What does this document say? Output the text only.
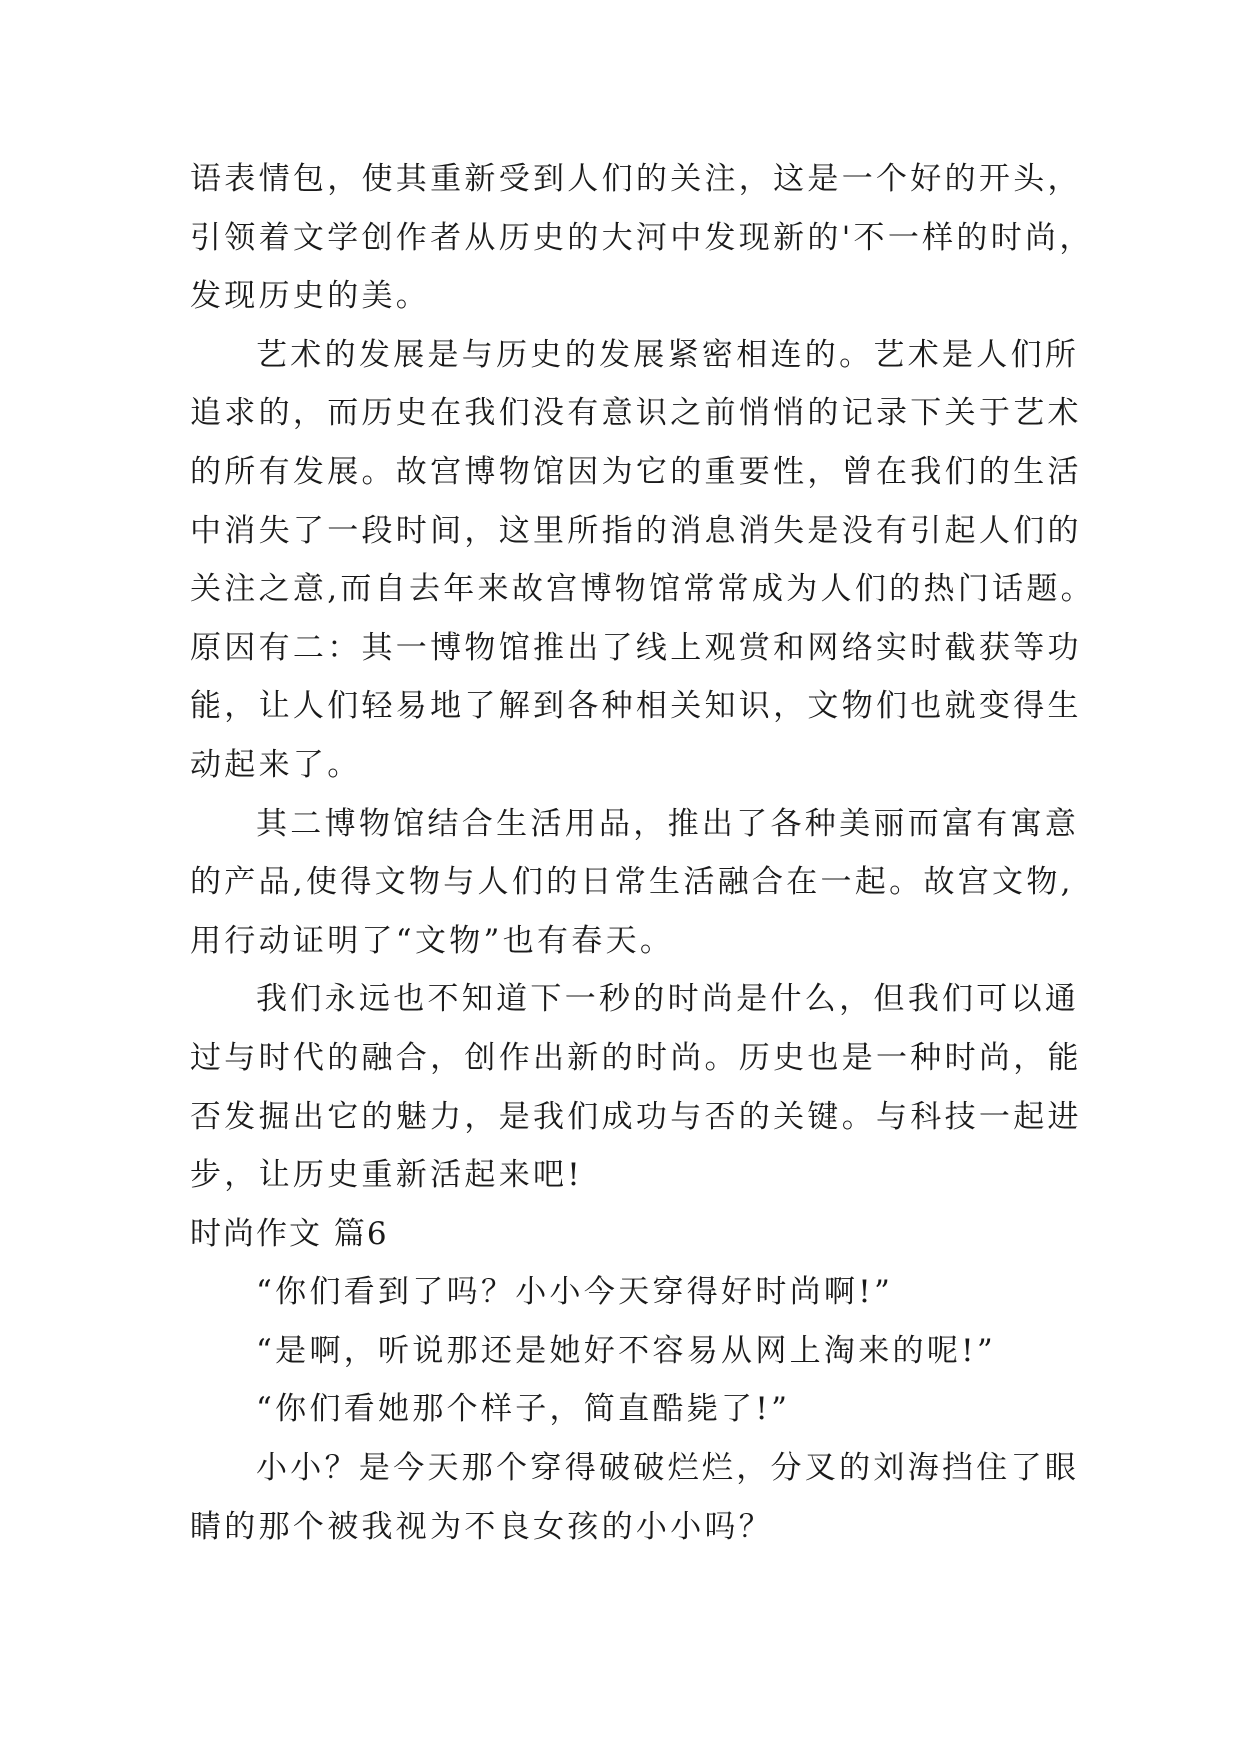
语表情包，使其重新受到人们的关注，这是一个好的开头，
引领着文学创作者从历史的大河中发现新的'不一样的时尚，
发现历史的美。
艺术的发展是与历史的发展紧密相连的。艺术是人们所
追求的，而历史在我们没有意识之前悄悄的记录下关于艺术
的所有发展。故宫博物馆因为它的重要性，曾在我们的生活
中消失了一段时间，这里所指的消息消失是没有引起人们的
关注之意,而自去年来故宫博物馆常常成为人们的热门话题。
原因有二：其一博物馆推出了线上观赏和网络实时截获等功
能，让人们轻易地了解到各种相关知识，文物们也就变得生
动起来了。
其二博物馆结合生活用品，推出了各种美丽而富有寓意
的产品,使得文物与人们的日常生活融合在一起。故宫文物,
用行动证明了“文物”也有春天。
我们永远也不知道下一秒的时尚是什么，但我们可以通
过与时代的融合，创作出新的时尚。历史也是一种时尚，能
否发掘出它的魅力，是我们成功与否的关键。与科技一起进
步，让历史重新活起来吧!
时尚作文 篇6
“你们看到了吗？小小今天穿得好时尚啊!”
“是啊，听说那还是她好不容易从网上淘来的呢!”
“你们看她那个样子，简直酷毙了!”
小小？是今天那个穿得破破烂烂，分叉的刘海挡住了眼
睛的那个被我视为不良女孩的小小吗？
